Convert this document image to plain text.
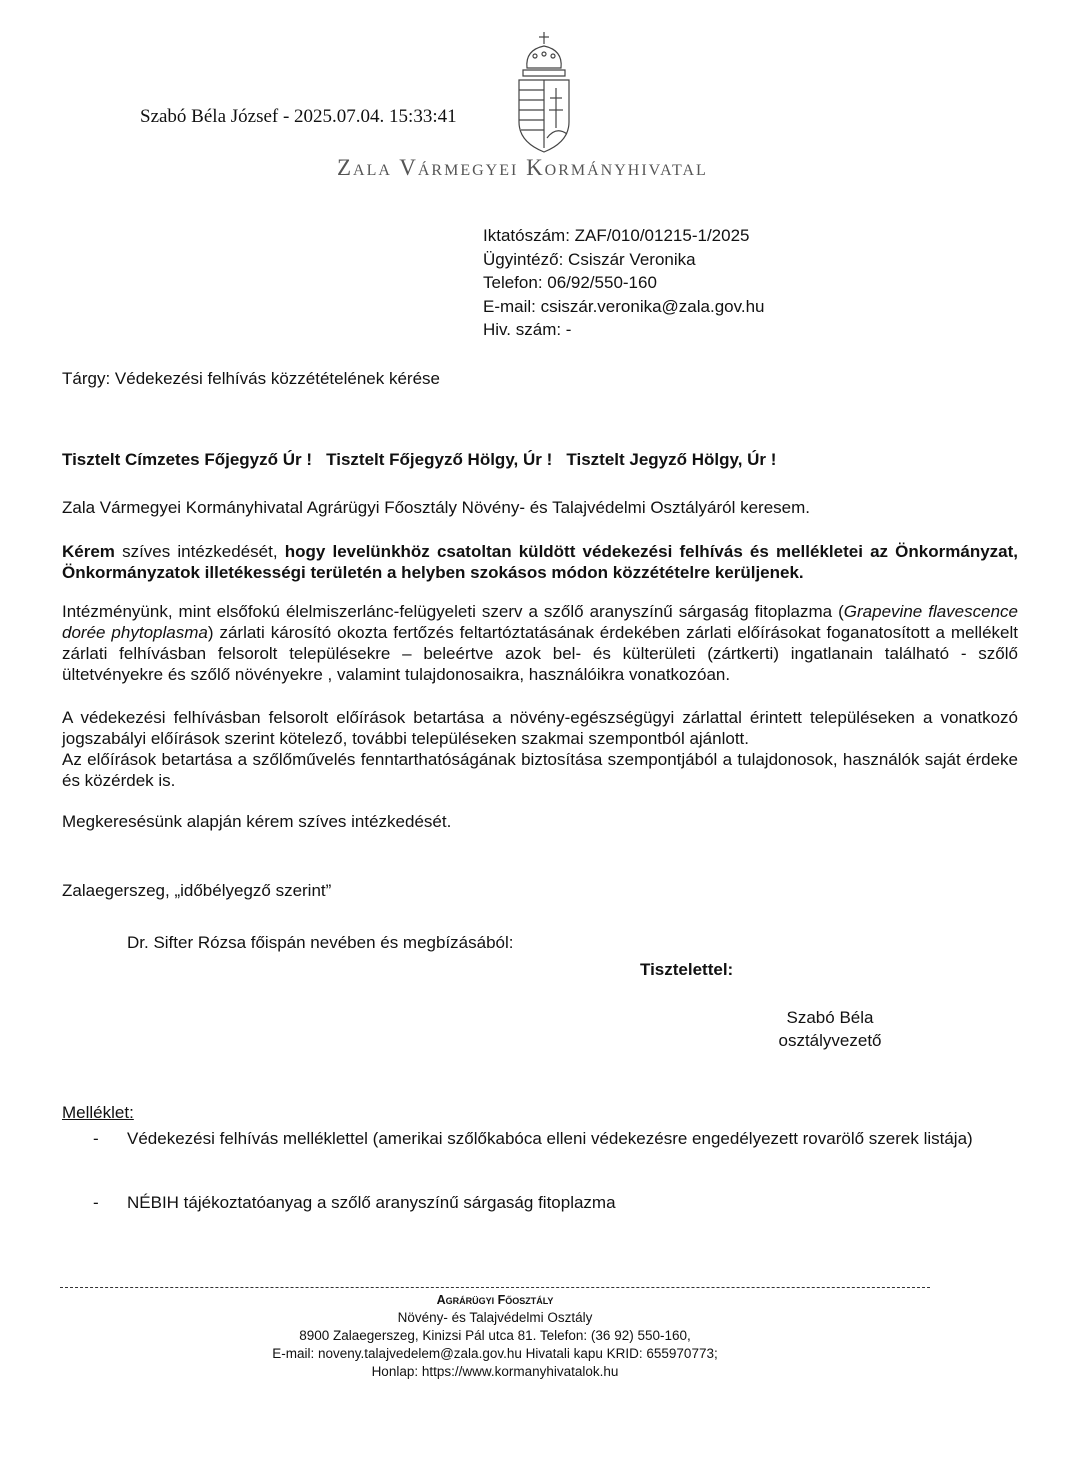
Szabó Béla József - 2025.07.04. 15:33:41
Zala Vármegyei Kormányhivatal
Iktatószám: ZAF/010/01215-1/2025
Ügyintéző: Csiszár Veronika
Telefon: 06/92/550-160
E-mail: csiszár.veronika@zala.gov.hu
Hiv. szám: -
Tárgy: Védekezési felhívás közzétételének kérése
Tisztelt Címzetes Főjegyző Úr !   Tisztelt Főjegyző Hölgy, Úr !   Tisztelt Jegyző Hölgy, Úr !
Zala Vármegyei Kormányhivatal Agrárügyi Főosztály Növény- és Talajvédelmi Osztályáról keresem.
Kérem szíves intézkedését, hogy levelünkhöz csatoltan küldött védekezési felhívás és mellékletei az Önkormányzat, Önkormányzatok illetékességi területén a helyben szokásos módon közzétételre kerüljenek.
Intézményünk, mint elsőfokú élelmiszerlánc-felügyeleti szerv a szőlő aranyszínű sárgaság fitoplazma (Grapevine flavescence dorée phytoplasma) zárlati károsító okozta fertőzés feltartóztatásának érdekében zárlati előírásokat foganatosított a mellékelt zárlati felhívásban felsorolt településekre – beleértve azok bel- és külterületi (zártkerti) ingatlanain található - szőlő ültetvényekre és szőlő növényekre , valamint tulajdonosaikra, használóikra vonatkozóan.
A védekezési felhívásban felsorolt előírások betartása a növény-egészségügyi zárlattal érintett településeken a vonatkozó jogszabályi előírások szerint kötelező, további településeken szakmai szempontból ajánlott.
Az előírások betartása a szőlőművelés fenntarthatóságának biztosítása szempontjából a tulajdonosok, használók saját érdeke és közérdek is.
Megkeresésünk alapján kérem szíves intézkedését.
Zalaegerszeg, „időbélyegző szerint”
Dr. Sifter Rózsa főispán nevében és megbízásából:
Tisztelettel:
Szabó Béla
osztályvezető
Melléklet:
- Védekezési felhívás melléklettel (amerikai szőlőkabóca elleni védekezésre engedélyezett rovarölő szerek listája)
- NÉBIH tájékoztatóanyag a szőlő aranyszínű sárgaság fitoplazma
Agrárügyi Főosztály
Növény- és Talajvédelmi Osztály
8900 Zalaegerszeg, Kinizsi Pál utca 81. Telefon: (36 92) 550-160,
E-mail: noveny.talajvedelem@zala.gov.hu Hivatali kapu KRID: 655970773;
Honlap: https://www.kormanyhivatalok.hu
